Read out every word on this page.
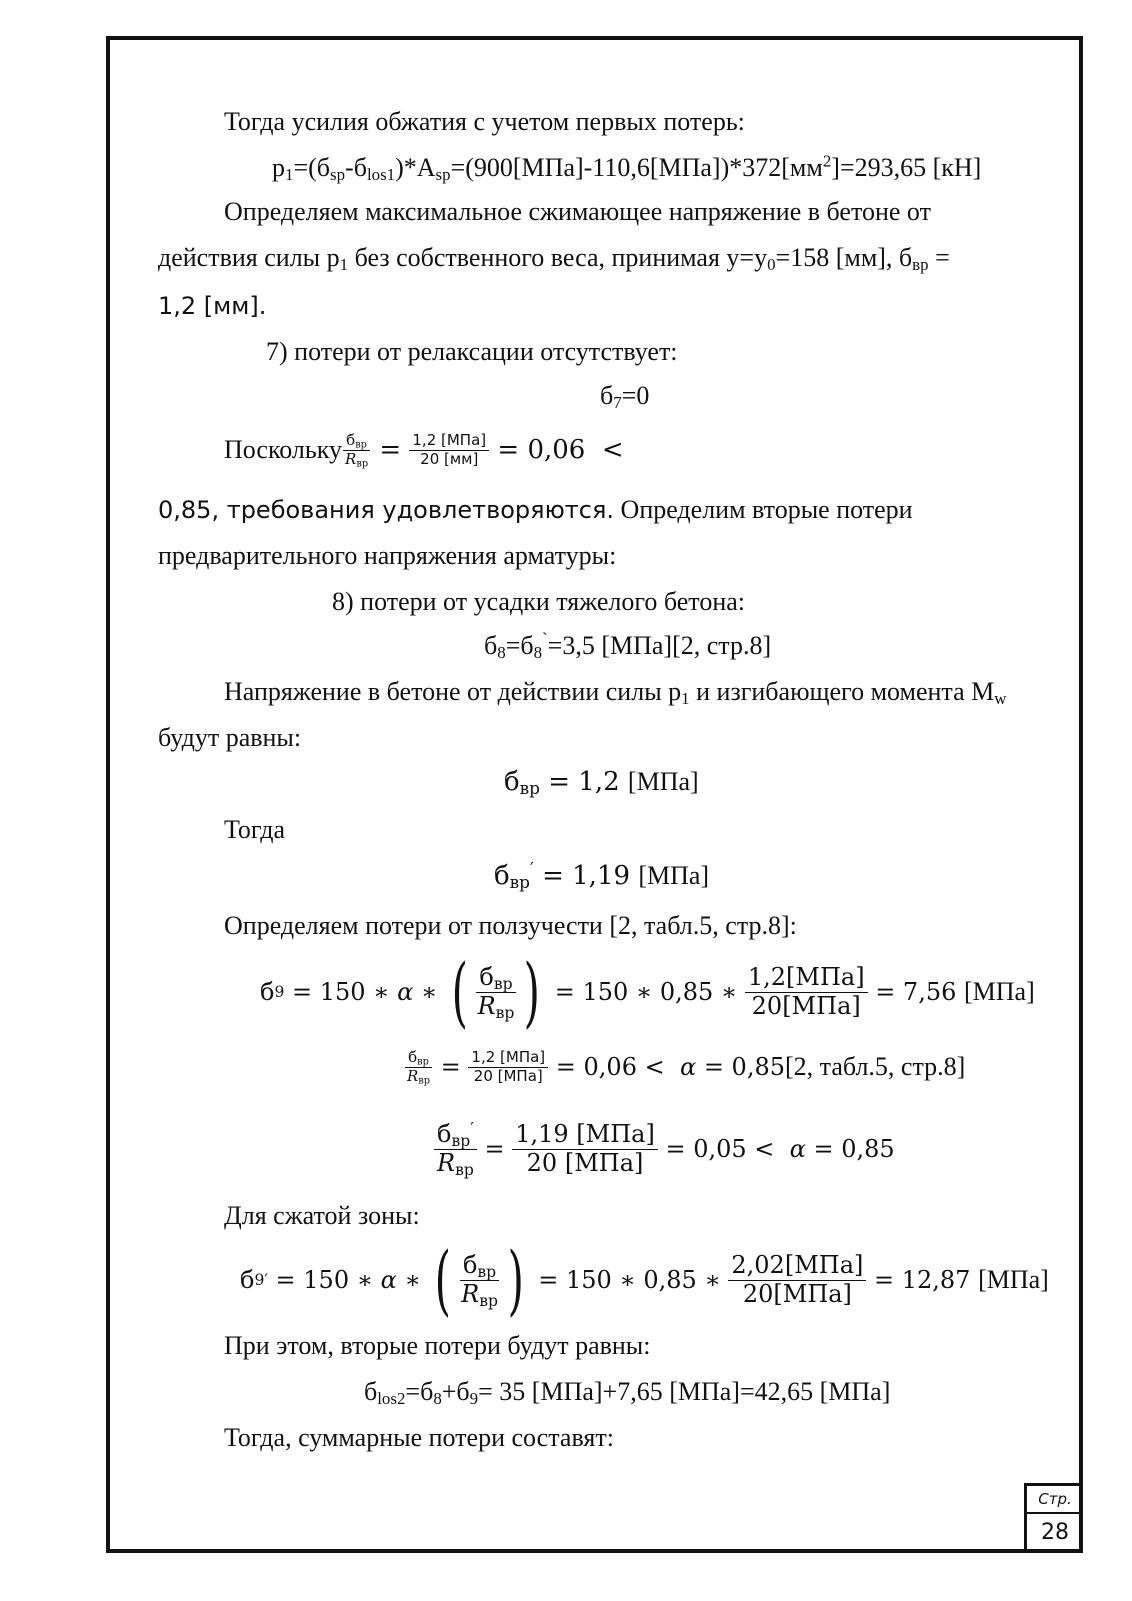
Стр.
28
Тогда усилия обжатия с учетом первых потерь:
$p_1=(б_{sp}-б_{los1})*A_{sp}=(900[МПа]-110,6[МПа])*372[мм^2]=293,65$ [кН]
Определяем максимальное сжимающее напряжение в бетоне от
действия силы $p_1$ без собственного веса, принимая $y=y_0=158$ [мм], $б_{вр}$ =
1,2 [мм].
7) потери от релаксации отсутствует:
$б_7=0$
Поскольку $\frac{б_{вр}}{R_{вр}} = \frac{\text{1,2 [МПа]}}{20 [мм]} = 0,06$  <
0,85, требования удовлетворяются. Определим вторые потери
предварительного напряжения арматуры:
8) потери от усадки тяжелого бетона:
$б_8=б_8^`=3,5$ [МПа][2, стр.8]
Напряжение в бетоне от действии силы $p_1$ и изгибающего момента $M_w$
будут равны:
$б_{вр} = 1,2$ [МПа]
Тогда
$б_{вр}' = 1,19$ [МПа]
Определяем потери от ползучести [2, табл.5, стр.8]:
б 9 = 150 ∗ α ∗ ( $\frac{б_{вр}}{R_{вр}}$ ) = 150 ∗ 0,85 ∗ $\frac{\text{1,2[МПа]}}{\text{20[МПа]}} = 7,56$ [МПа]
$\frac{б_{вр}}{R_{вр}} = \frac{\text{1,2 [МПа]}}{\text{20 [МПа]}} = 0,06 < \alpha = 0,85$ [2, табл.5, стр.8]
$\frac{б_{вр}'}{R_{вр}} = \frac{\text{1,19 [МПа]}}{\text{20 [МПа]}} = 0,05 < \alpha = 0,85$
Для сжатой зоны:
б 9 ′ = 150 ∗ α ∗ ( $\frac{б_{вр}}{R_{вр}}$ ) = 150 ∗ 0,85 ∗ $\frac{\text{2,02[МПа]}}{\text{20[МПа]}} = 12,87$ [МПа]
При этом, вторые потери будут равны:
$б_{los2}=б_8+б_9= 35$ [МПа]+7,65 [МПа]=42,65 [МПа]
Тогда, суммарные потери составят:
